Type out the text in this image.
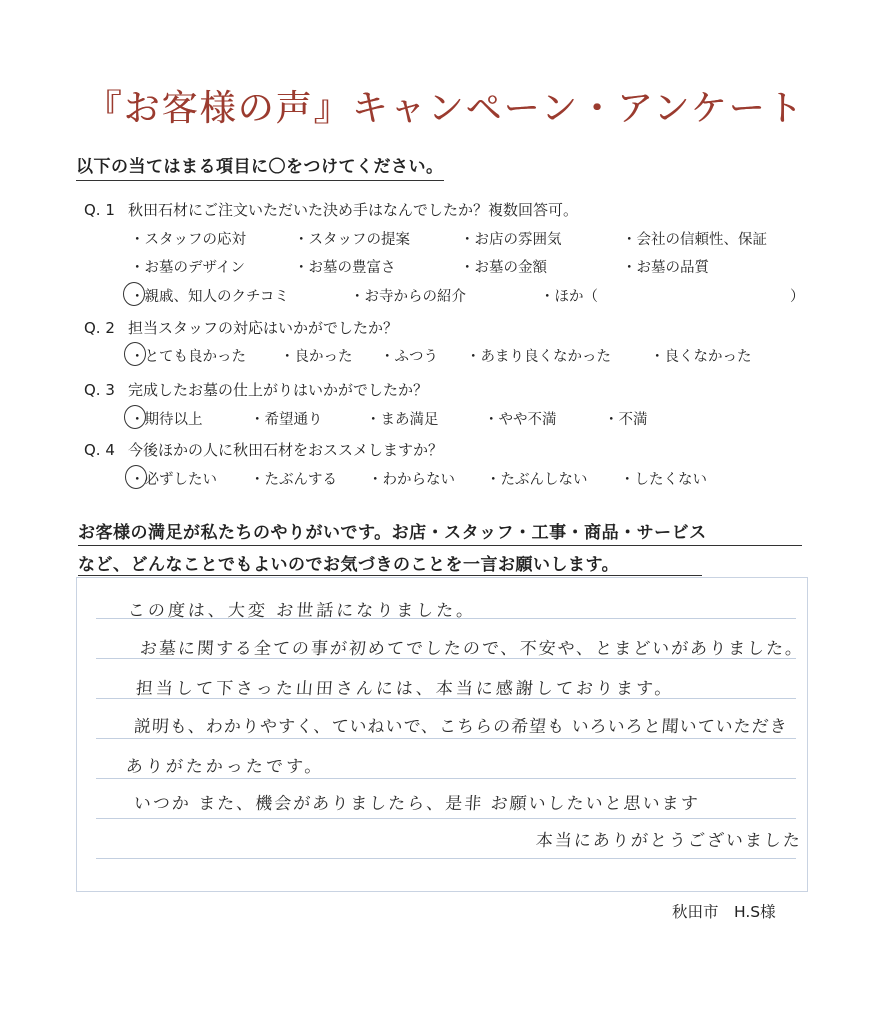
『お客様の声』キャンペーン・アンケート
以下の当てはまる項目に〇をつけてください。
Q. 1 秋田石材にご注文いただいた決め手はなんでしたか？複数回答可。
・スタッフの応対	・スタッフの提案	・お店の雰囲気	・会社の信頼性、保証
・お墓のデザイン	・お墓の豊富さ	・お墓の金額	・お墓の品質
・親戚、知人のクチコミ	・お寺からの紹介	・ほか（	）
Q. 2 担当スタッフの対応はいかがでしたか？
・とても良かった ・良かった ・ふつう ・あまり良くなかった	・良くなかった
Q. 3 完成したお墓の仕上がりはいかがでしたか？
・期待以上	・希望通り	・まあ満足	・やや不満	・不満
Q. 4 今後ほかの人に秋田石材をおススメしますか？
・必ずしたい ・たぶんする ・わからない ・たぶんしない ・したくない
お客様の満足が私たちのやりがいです。お店・スタッフ・工事・商品・サービス
など、どんなことでもよいのでお気づきのことを一言お願いします。
この度は、大変 お世話になりました。
お墓に関する全ての事が初めてでしたので、不安や、とまどいがありました。
担当して下さった山田さんには、本当に感謝しております。
説明も、わかりやすく、ていねいで、こちらの希望も いろいろと聞いていただき
ありがたかったです。
いつか また、機会がありましたら、是非 お願いしたいと思います
本当にありがとうございました
秋田市　H.S様
